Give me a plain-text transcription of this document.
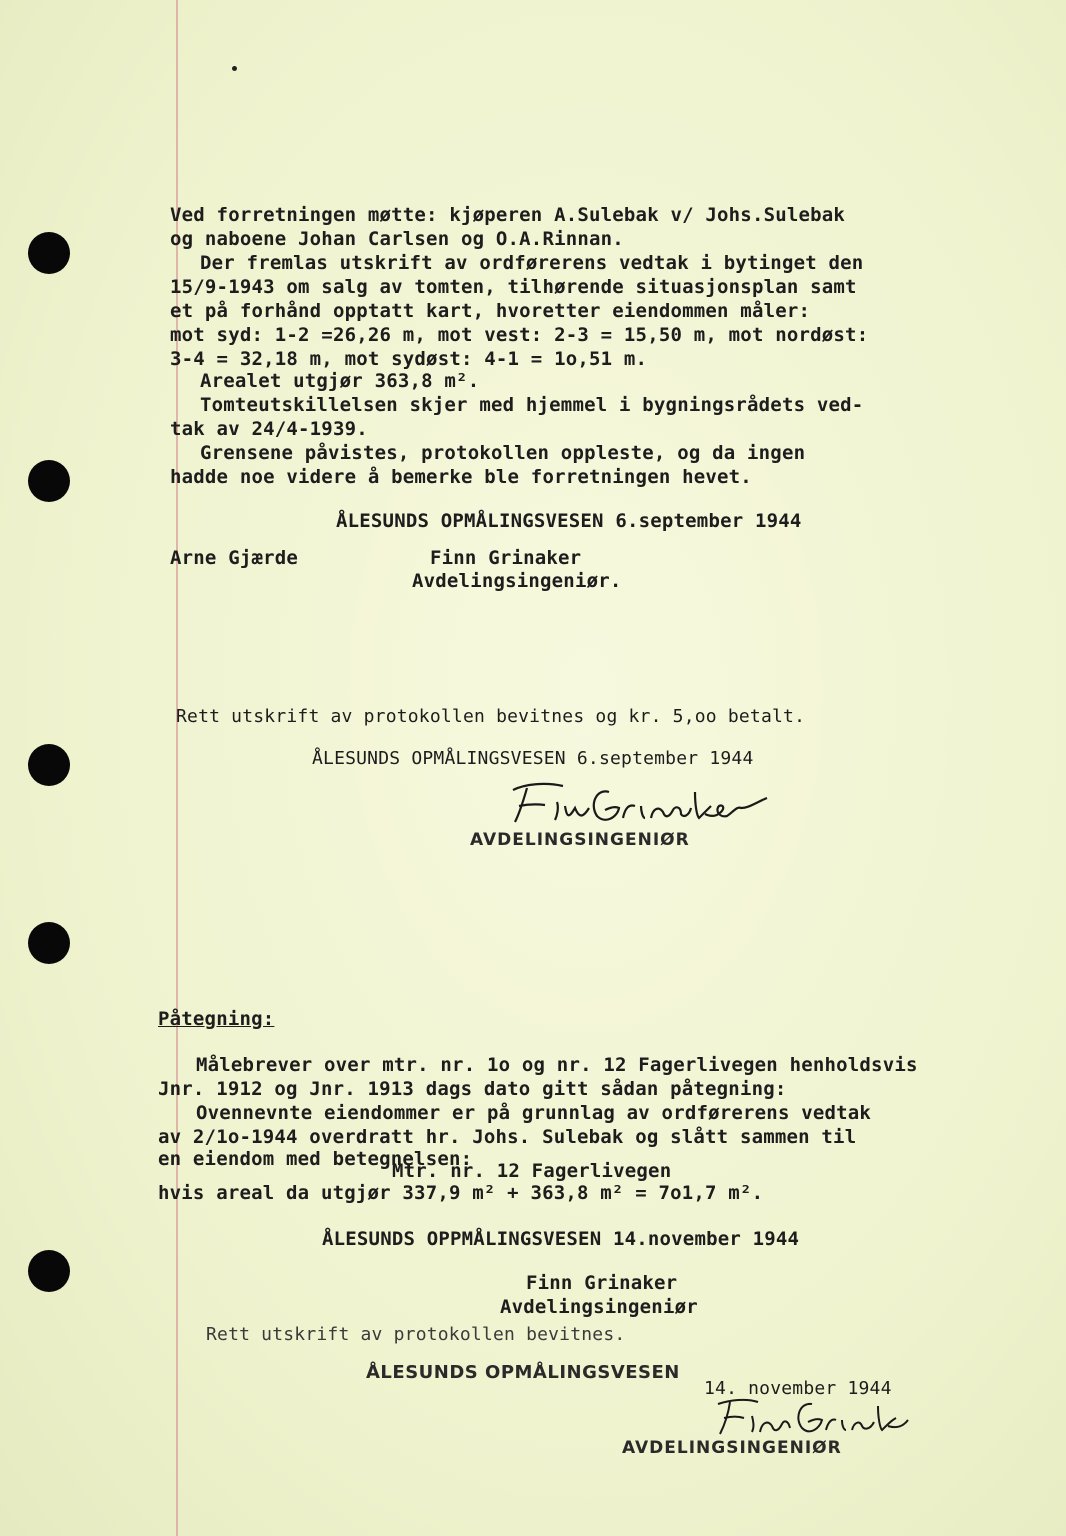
Ved forretningen møtte: kjøperen A.Sulebak v/ Johs.Sulebak
og naboene Johan Carlsen og O.A.Rinnan.
Der fremlas utskrift av ordførerens vedtak i bytinget den
15/9-1943 om salg av tomten, tilhørende situasjonsplan samt
et på forhånd opptatt kart, hvoretter eiendommen måler:
mot syd: 1-2 =26,26 m, mot vest: 2-3 = 15,50 m, mot nordøst:
3-4 = 32,18 m, mot sydøst: 4-1 = 1o,51 m.
Arealet utgjør 363,8 m².
Tomteutskillelsen skjer med hjemmel i bygningsrådets ved-
tak av 24/4-1939.
Grensene påvistes, protokollen oppleste, og da ingen
hadde noe videre å bemerke ble forretningen hevet.
ÅLESUNDS OPMÅLINGSVESEN 6.september 1944
Arne Gjærde	Finn Grinaker
Avdelingsingeniør.
Rett utskrift av protokollen bevitnes og kr. 5,oo betalt.
ÅLESUNDS OPMÅLINGSVESEN 6.september 1944
AVDELINGSINGENIØR
Påtegning:
Målebrever over mtr. nr. 1o og nr. 12 Fagerlivegen henholdsvis
Jnr. 1912 og Jnr. 1913 dags dato gitt sådan påtegning:
Ovennevnte eiendommer er på grunnlag av ordførerens vedtak
av 2/1o-1944 overdratt hr. Johs. Sulebak og slått sammen til
en eiendom med betegnelsen:
Mtr. nr. 12 Fagerlivegen
hvis areal da utgjør 337,9 m² + 363,8 m² = 7o1,7 m².
ÅLESUNDS OPPMÅLINGSVESEN 14.november 1944
Finn Grinaker
Avdelingsingeniør
Rett utskrift av protokollen bevitnes.
ÅLESUNDS OPMÅLINGSVESEN
14. november 1944
AVDELINGSINGENIØR
